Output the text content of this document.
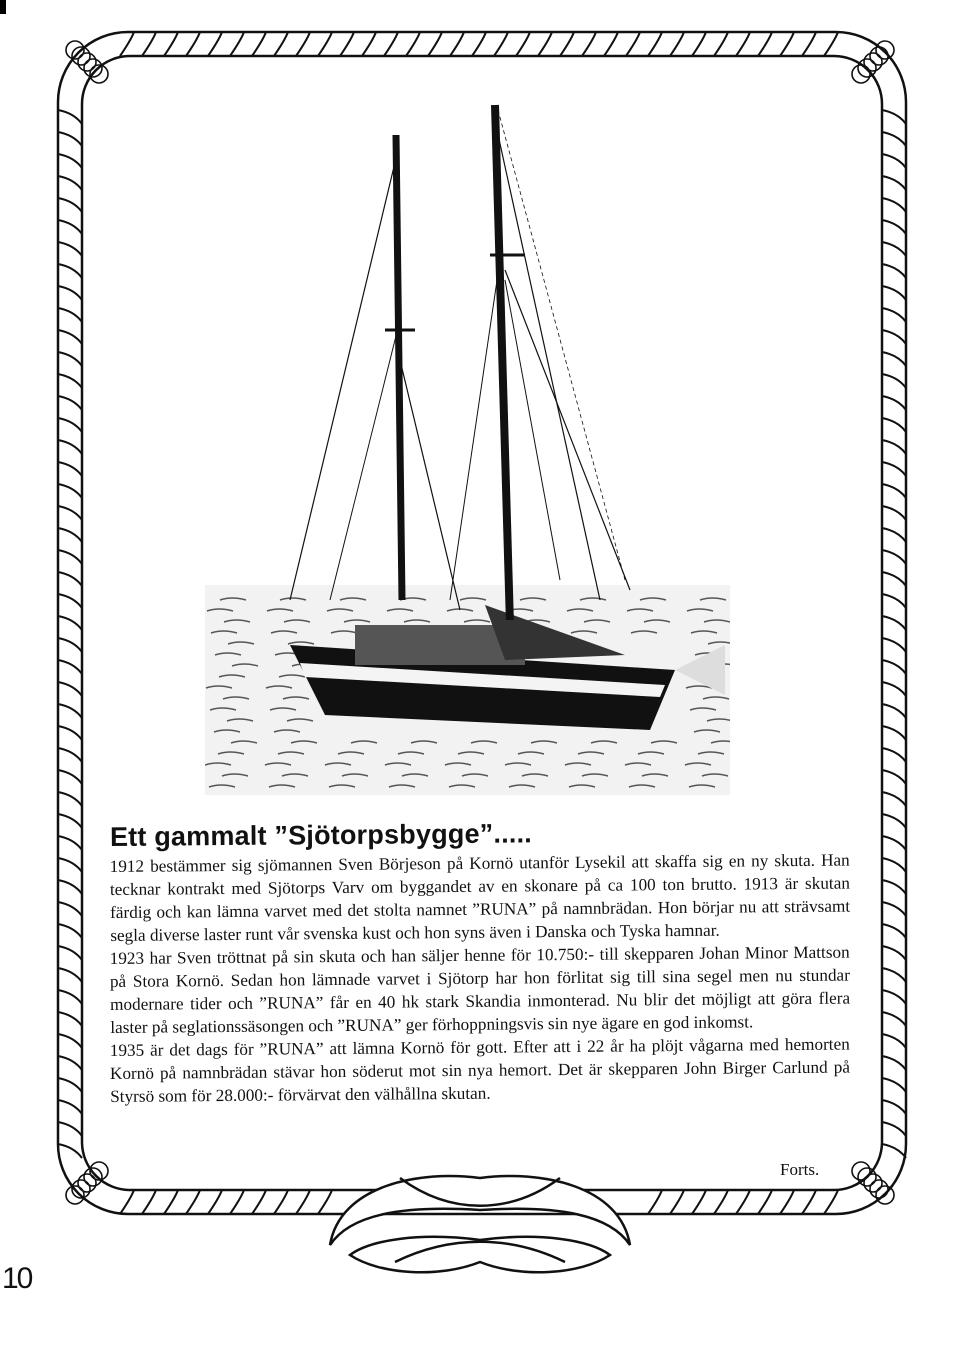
Ett gammalt ”Sjötorpsbygge”.....

1912 bestämmer sig sjömannen Sven Börjeson på Kornö utanför Lysekil att skaffa sig en ny skuta. Han tecknar kontrakt med Sjötorps Varv om byggandet av en skonare på ca 100 ton brutto. 1913 är skutan färdig och kan lämna varvet med det stolta namnet ”RUNA” på namnbrädan. Hon börjar nu att strävsamt segla diverse laster runt vår svenska kust och hon syns även i Danska och Tyska hamnar.

1923 har Sven tröttnat på sin skuta och han säljer henne för 10.750:- till skepparen Johan Minor Mattson på Stora Kornö. Sedan hon lämnade varvet i Sjötorp har hon förlitat sig till sina segel men nu stundar modernare tider och ”RUNA” får en 40 hk stark Skandia inmonterad. Nu blir det möjligt att göra flera laster på seglationssäsongen och ”RUNA” ger förhoppningsvis sin nye ägare en god inkomst.

1935 är det dags för ”RUNA” att lämna Kornö för gott. Efter att i 22 år ha plöjt vågarna med hemorten Kornö på namnbrädan stävar hon söderut mot sin nya hemort. Det är skepparen John Birger Carlund på Styrsö som för 28.000:- förvärvat den välhållna skutan.

Forts.
10
